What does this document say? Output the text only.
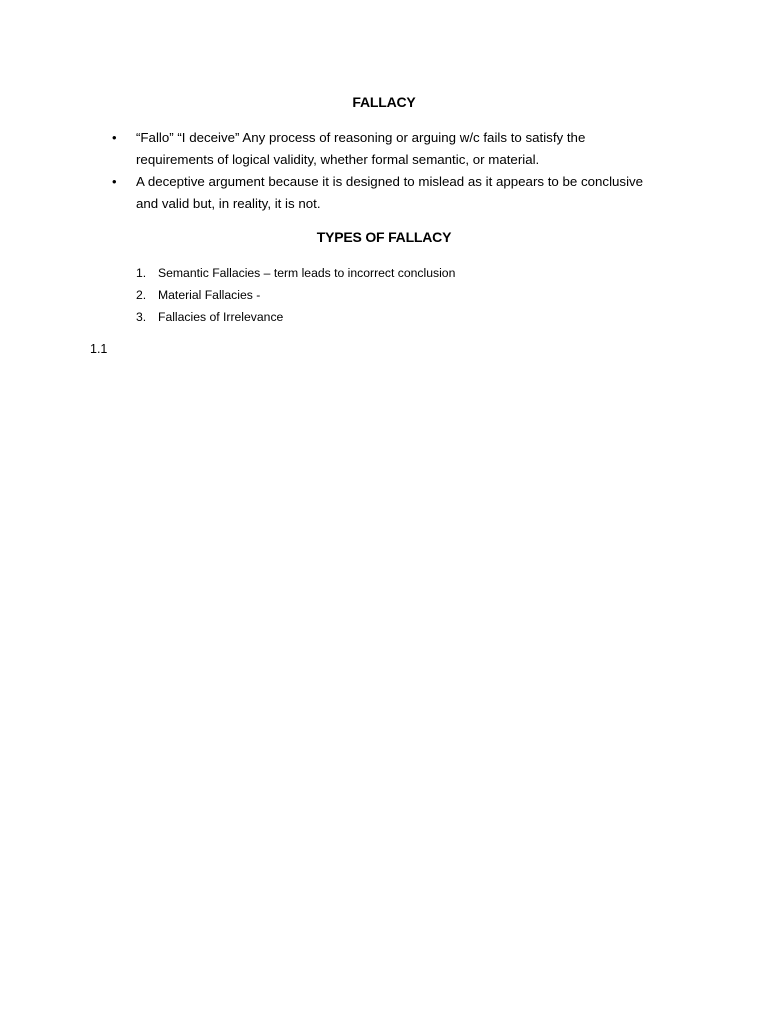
FALLACY
• “Fallo” “I deceive” Any process of reasoning or arguing w/c fails to satisfy the
requirements of logical validity, whether formal semantic, or material.
• A deceptive argument because it is designed to mislead as it appears to be conclusive
and valid but, in reality, it is not.
TYPES OF FALLACY
1. Semantic Fallacies – term leads to incorrect conclusion
2. Material Fallacies -
3. Fallacies of Irrelevance

1.1
